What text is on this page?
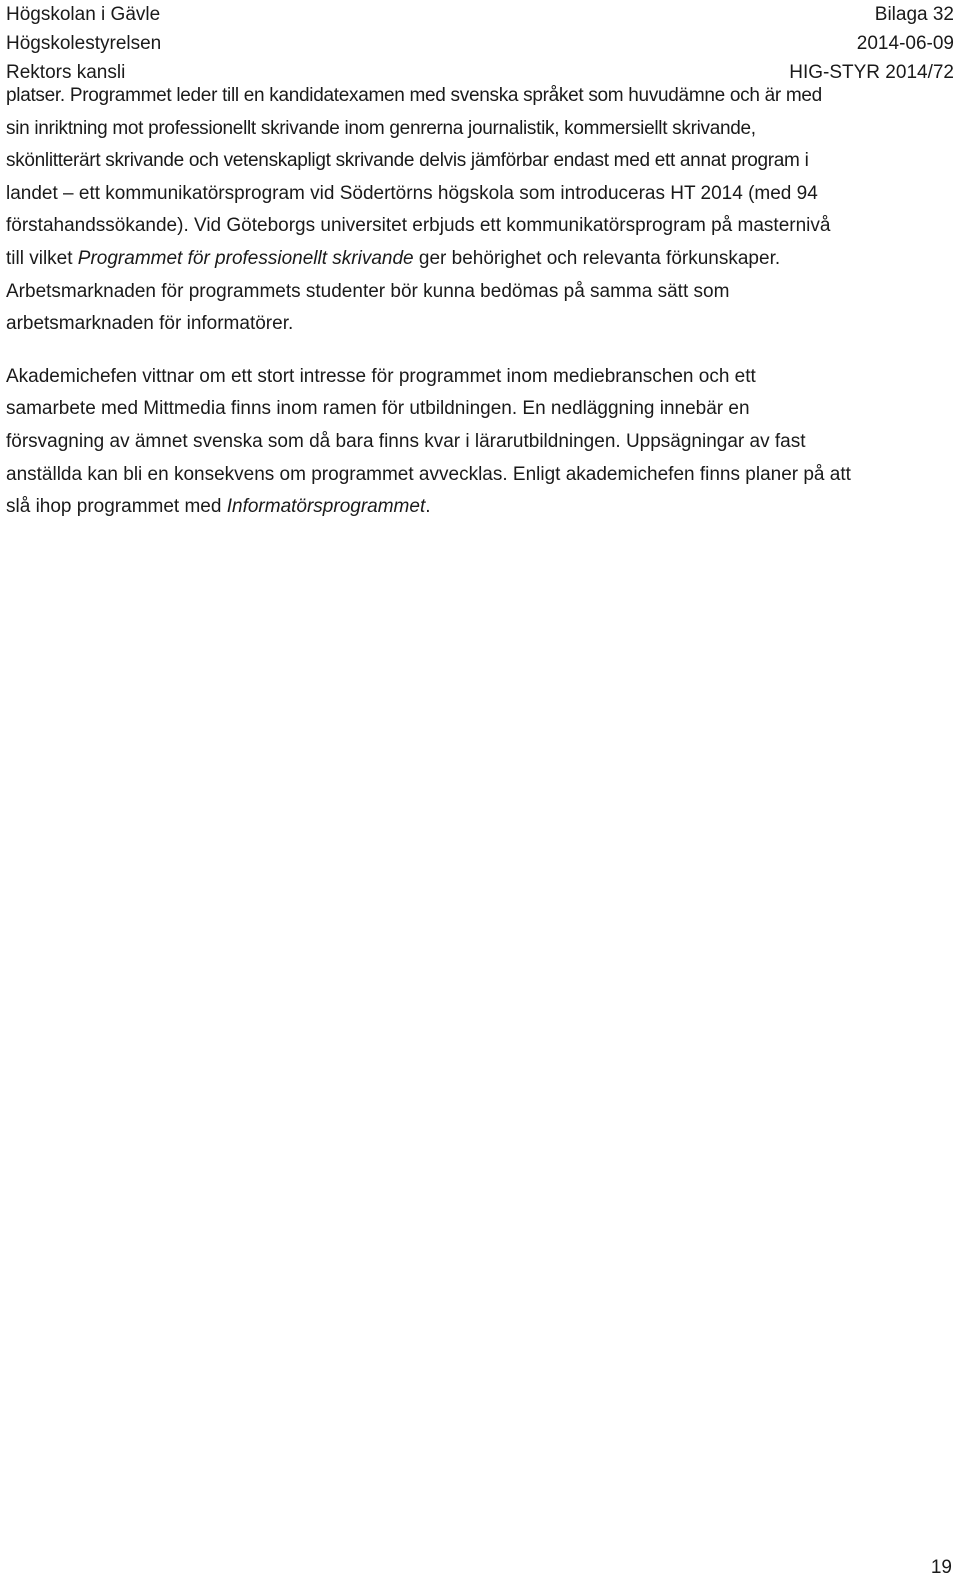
Högskolan i Gävle	Bilaga 32
Högskolestyrelsen	2014-06-09
Rektors kansli	HIG-STYR 2014/72

platser. Programmet leder till en kandidatexamen med svenska språket som huvudämne och är med
sin inriktning mot professionellt skrivande inom genrerna journalistik, kommersiellt skrivande,
skönlitterärt skrivande och vetenskapligt skrivande delvis jämförbar endast med ett annat program i
landet – ett kommunikatörsprogram vid Södertörns högskola som introduceras HT 2014 (med 94
förstahandssökande). Vid Göteborgs universitet erbjuds ett kommunikatörsprogram på masternivå
till vilket Programmet för professionellt skrivande ger behörighet och relevanta förkunskaper.
Arbetsmarknaden för programmets studenter bör kunna bedömas på samma sätt som
arbetsmarknaden för informatörer.

Akademichefen vittnar om ett stort intresse för programmet inom mediebranschen och ett
samarbete med Mittmedia finns inom ramen för utbildningen. En nedläggning innebär en
försvagning av ämnet svenska som då bara finns kvar i lärarutbildningen. Uppsägningar av fast
anställda kan bli en konsekvens om programmet avvecklas. Enligt akademichefen finns planer på att
slå ihop programmet med Informatörsprogrammet.

19
